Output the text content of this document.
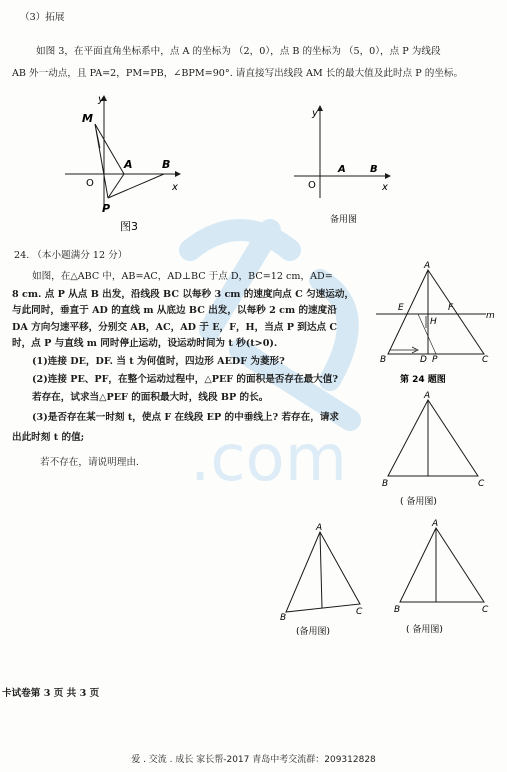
.com
（3）拓展
如图 3，在平面直角坐标系中，点 A 的坐标为 （2，0），点 B 的坐标为 （5，0），点 P 为线段
AB 外一动点，且 PA=2，PM=PB，∠BPM=90°. 请直接写出线段 AM 长的最大值及此时点 P 的坐标。
y
x
M
A	B
O
P
图3
y
x
A B
O
备用图
24. （本小题满分 12 分）
如图，在△ABC 中，AB=AC，AD⊥BC 于点 D，BC=12 cm，AD=
8 cm. 点 P 从点 B 出发，沿线段 BC 以每秒 3 cm 的速度向点 C 匀速运动，
与此同时，垂直于 AD 的直线 m 从底边 BC 出发，以每秒 2 cm 的速度沿
DA 方向匀速平移，分别交 AB，AC，AD 于 E，F，H，当点 P 到达点 C
时，点 P 与直线 m 同时停止运动，设运动时间为 t 秒(t>0).
(1)连接 DE，DF. 当 t 为何值时，四边形 AEDF 为菱形?
(2)连接 PE、PF，在整个运动过程中，△PEF 的面积是否存在最大值?
若存在，试求当△PEF 的面积最大时，线段 BP 的长。
(3)是否存在某一时刻 t，使点 F 在线段 EP 的中垂线上? 若存在，请求
出此时刻 t 的值;
若不存在，请说明理由.
A
E	F
m
H
B	D P	C
第 24 题图
A
B	C
( 备用图)
A
B
C
(备用图)
A
B	C
( 备用图)
卡试卷第 3 页 共 3 页
爱 . 交流 . 成长 家长帮-2017 青岛中考交流群：209312828
